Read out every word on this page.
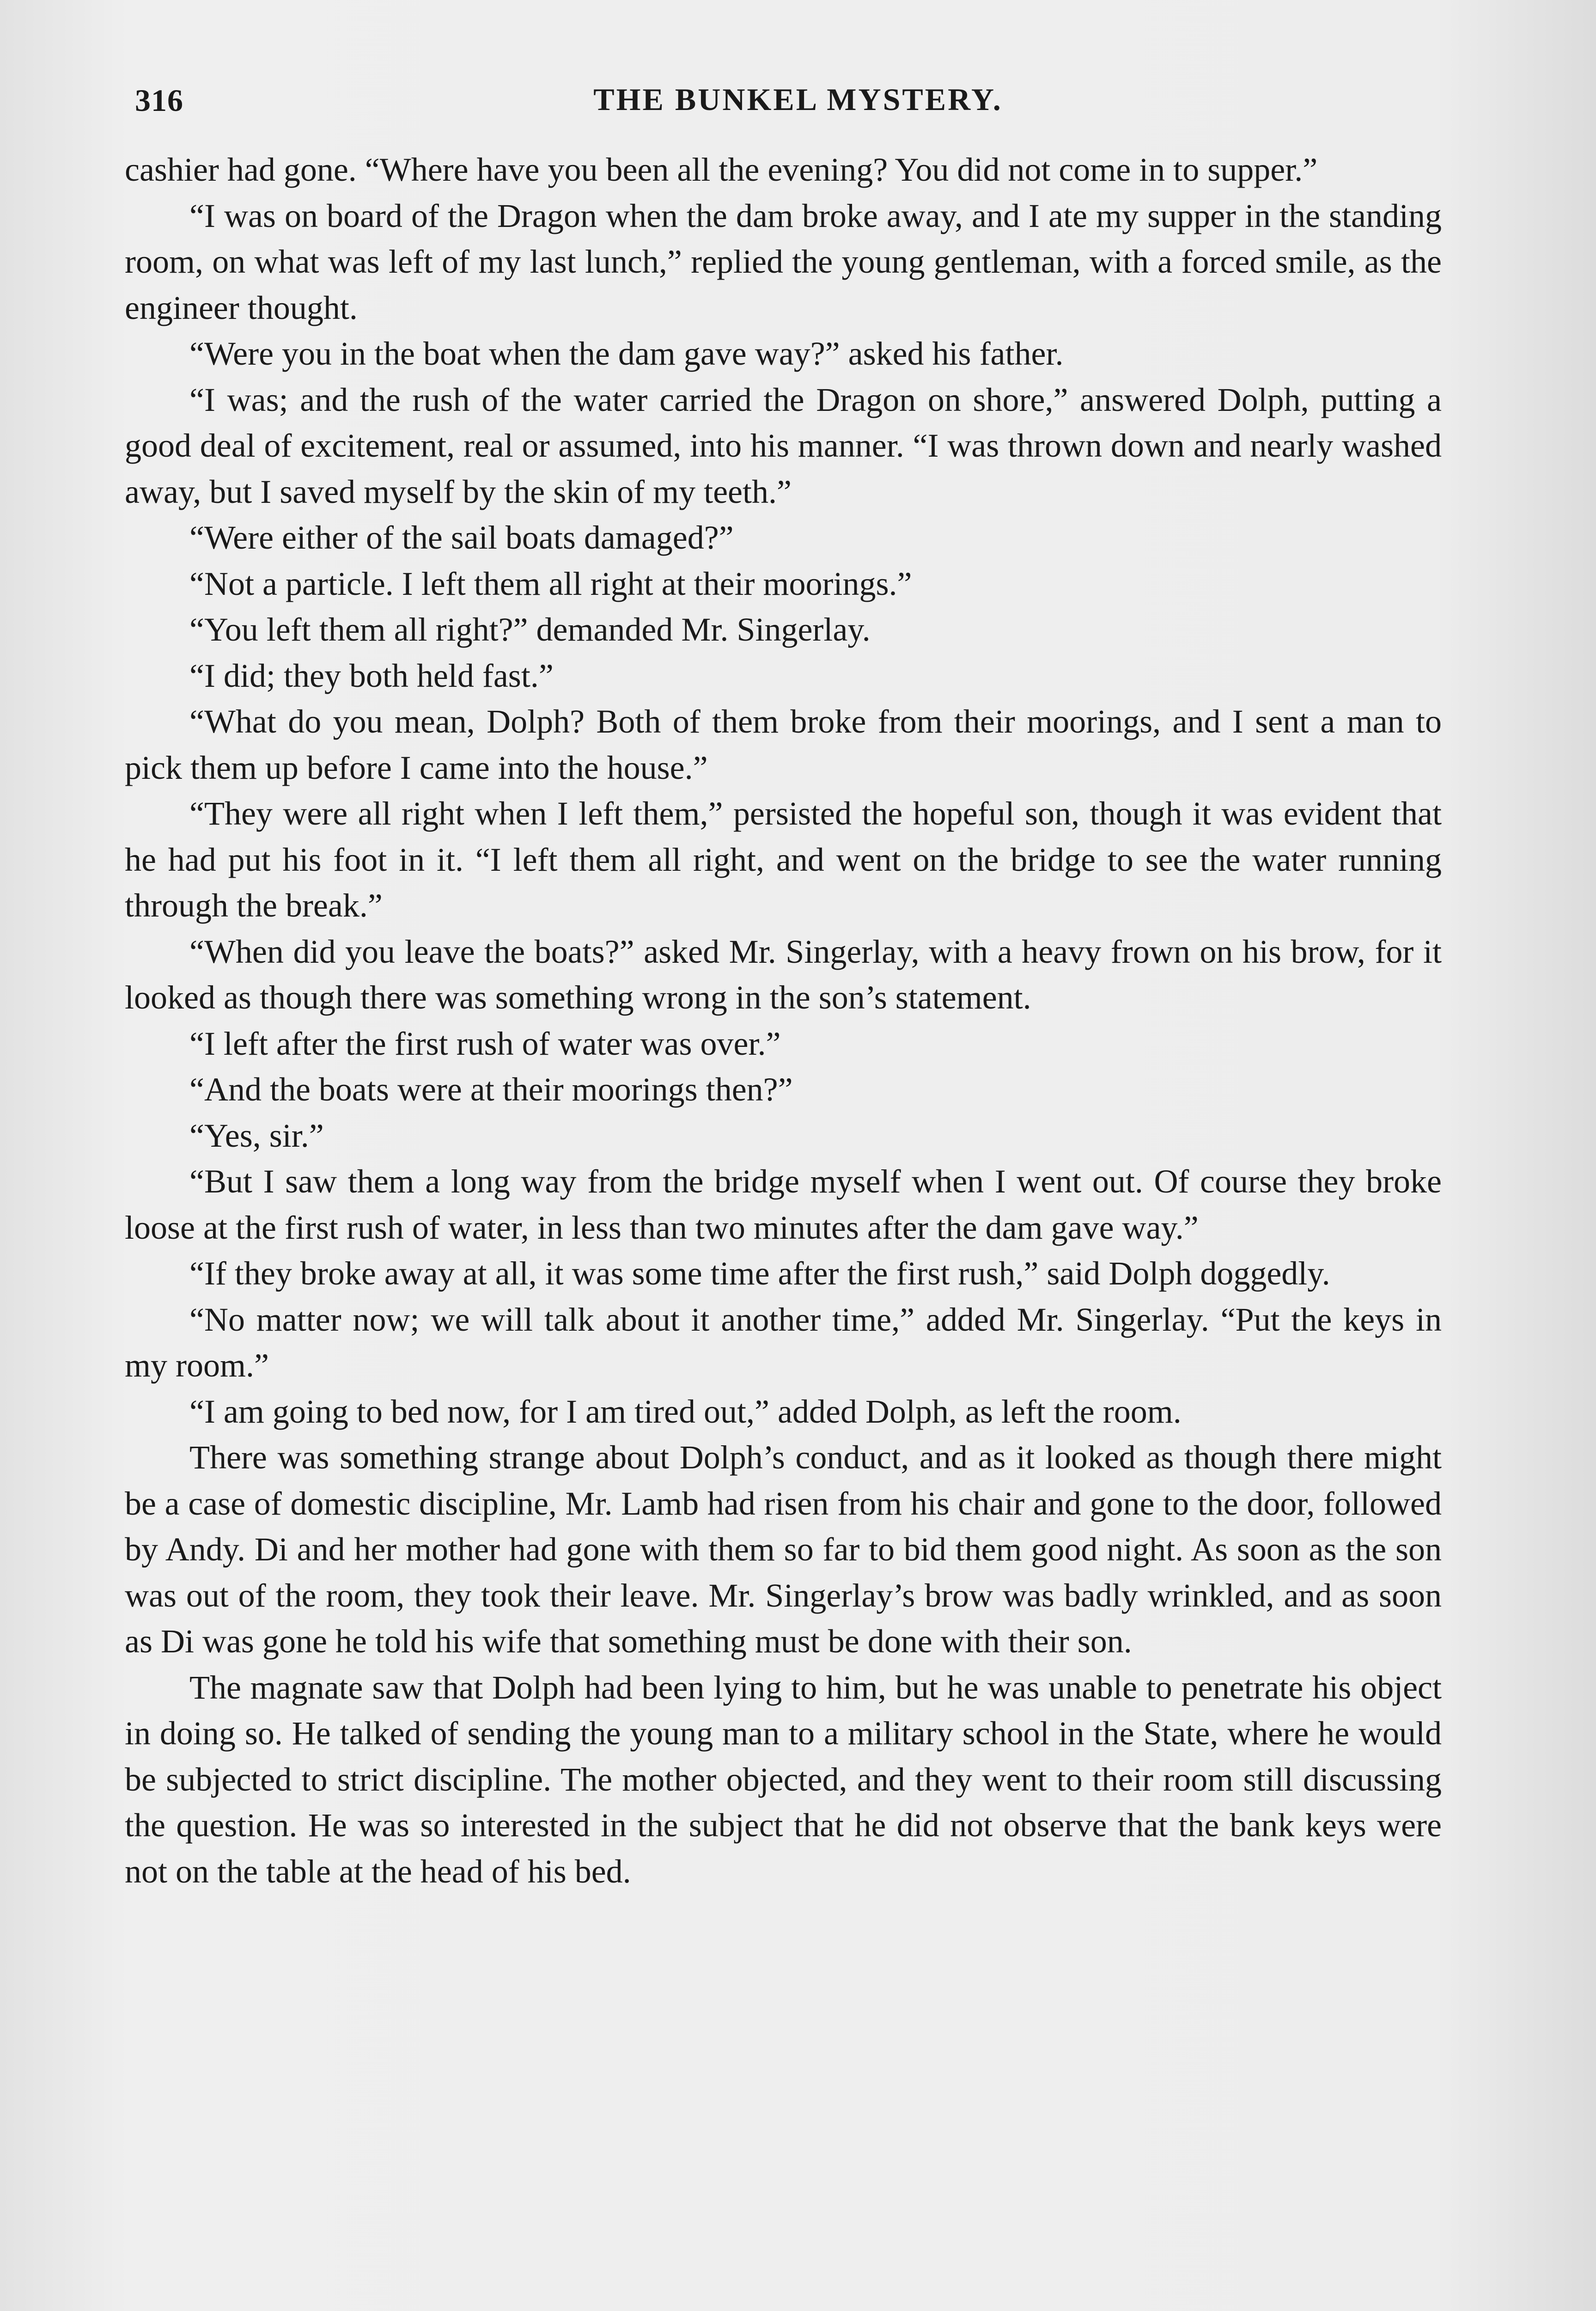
316	THE BUNKEL MYSTERY.

cashier had gone. “Where have you been all the evening? You did not come in to supper.”

“I was on board of the Dragon when the dam broke away, and I ate my supper in the standing room, on what was left of my last lunch,” replied the young gentleman, with a forced smile, as the engineer thought.

“Were you in the boat when the dam gave way?” asked his father.

“I was; and the rush of the water carried the Dragon on shore,” answered Dolph, putting a good deal of excitement, real or assumed, into his manner. “I was thrown down and nearly washed away, but I saved myself by the skin of my teeth.”

“Were either of the sail boats damaged?”

“Not a particle. I left them all right at their moorings.”

“You left them all right?” demanded Mr. Singerlay.

“I did; they both held fast.”

“What do you mean, Dolph? Both of them broke from their moorings, and I sent a man to pick them up before I came into the house.”

“They were all right when I left them,” persisted the hopeful son, though it was evident that he had put his foot in it. “I left them all right, and went on the bridge to see the water running through the break.”

“When did you leave the boats?” asked Mr. Singerlay, with a heavy frown on his brow, for it looked as though there was something wrong in the son’s statement.

“I left after the first rush of water was over.”

“And the boats were at their moorings then?”

“Yes, sir.”

“But I saw them a long way from the bridge myself when I went out. Of course they broke loose at the first rush of water, in less than two minutes after the dam gave way.”

“If they broke away at all, it was some time after the first rush,” said Dolph doggedly.

“No matter now; we will talk about it another time,” added Mr. Singerlay. “Put the keys in my room.”

“I am going to bed now, for I am tired out,” added Dolph, as left the room.

There was something strange about Dolph’s conduct, and as it looked as though there might be a case of domestic discipline, Mr. Lamb had risen from his chair and gone to the door, followed by Andy. Di and her mother had gone with them so far to bid them good night. As soon as the son was out of the room, they took their leave. Mr. Singerlay’s brow was badly wrinkled, and as soon as Di was gone he told his wife that something must be done with their son.

The magnate saw that Dolph had been lying to him, but he was unable to penetrate his object in doing so. He talked of sending the young man to a military school in the State, where he would be subjected to strict discipline. The mother objected, and they went to their room still discussing the question. He was so interested in the subject that he did not observe that the bank keys were not on the table at the head of his bed.
